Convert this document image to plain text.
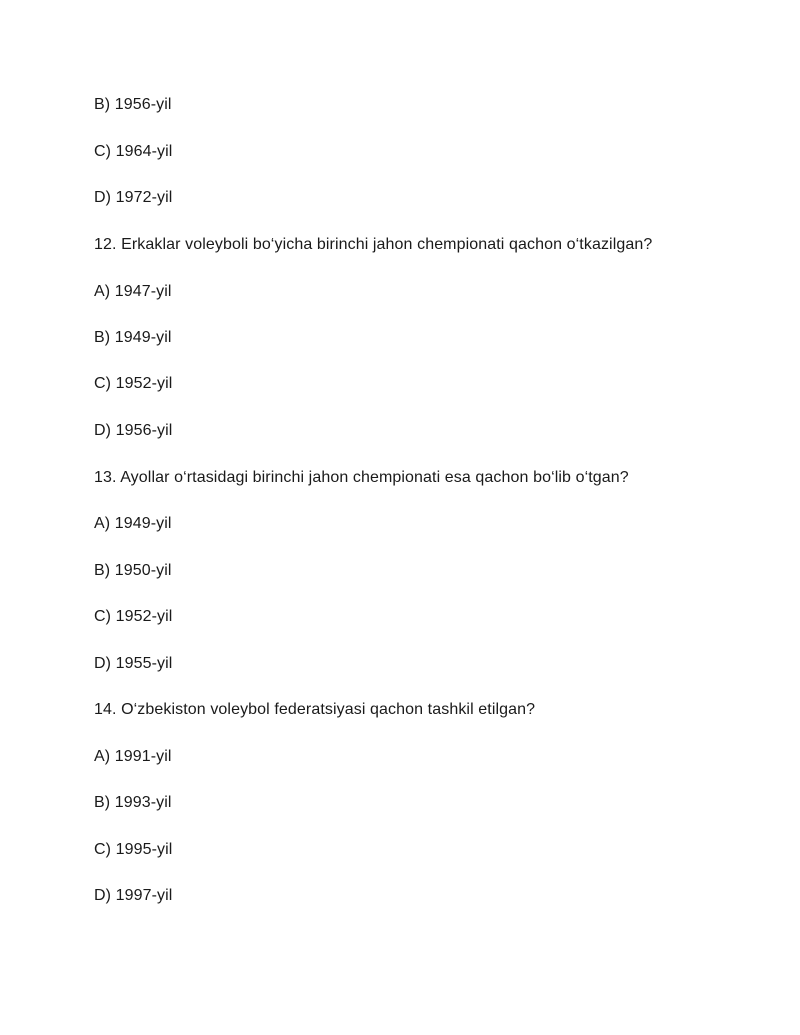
B) 1956-yil
C) 1964-yil
D) 1972-yil
12. Erkaklar voleyboli bo‘yicha birinchi jahon chempionati qachon o‘tkazilgan?
A) 1947-yil
B) 1949-yil
C) 1952-yil
D) 1956-yil
13. Ayollar o‘rtasidagi birinchi jahon chempionati esa qachon bo‘lib o‘tgan?
A) 1949-yil
B) 1950-yil
C) 1952-yil
D) 1955-yil
14. O‘zbekiston voleybol federatsiyasi qachon tashkil etilgan?
A) 1991-yil
B) 1993-yil
C) 1995-yil
D) 1997-yil
